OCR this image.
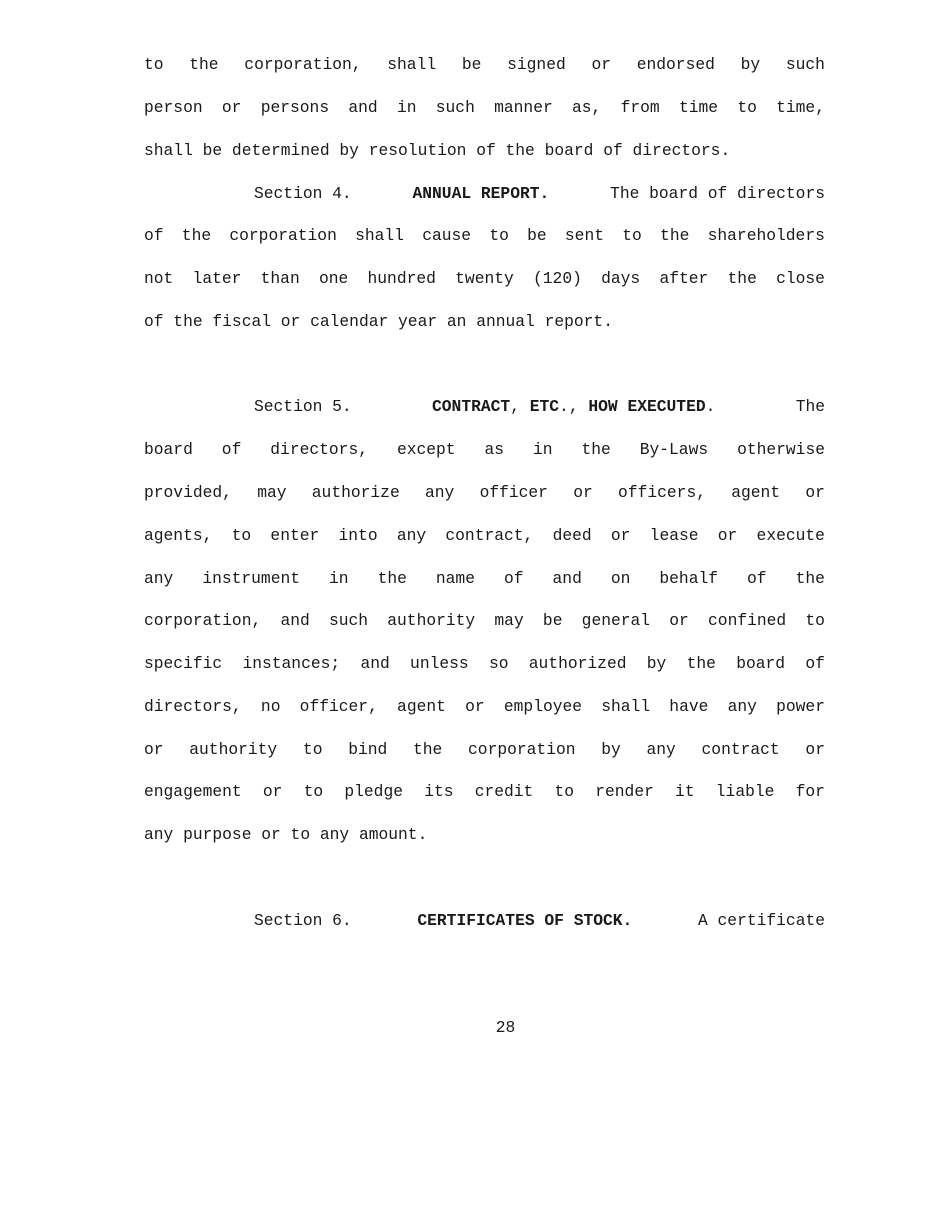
to the corporation, shall be signed or endorsed by such
person or persons and in such manner as, from time to time,
shall be determined by resolution of the board of directors.
Section 4.	ANNUAL REPORT.	The board of directors
of the corporation shall cause to be sent to the shareholders
not later than one hundred twenty (120) days after the close
of the fiscal or calendar year an annual report.
Section 5.	CONTRACT, ETC., HOW EXECUTED.	The
board of directors, except as in the By-Laws otherwise
provided, may authorize any officer or officers, agent or
agents, to enter into any contract, deed or lease or execute
any instrument in the name of and on behalf of the
corporation, and such authority may be general or confined to
specific instances; and unless so authorized by the board of
directors, no officer, agent or employee shall have any power
or authority to bind the corporation by any contract or
engagement or to pledge its credit to render it liable for
any purpose or to any amount.
Section 6.	CERTIFICATES OF STOCK.	A certificate
28
